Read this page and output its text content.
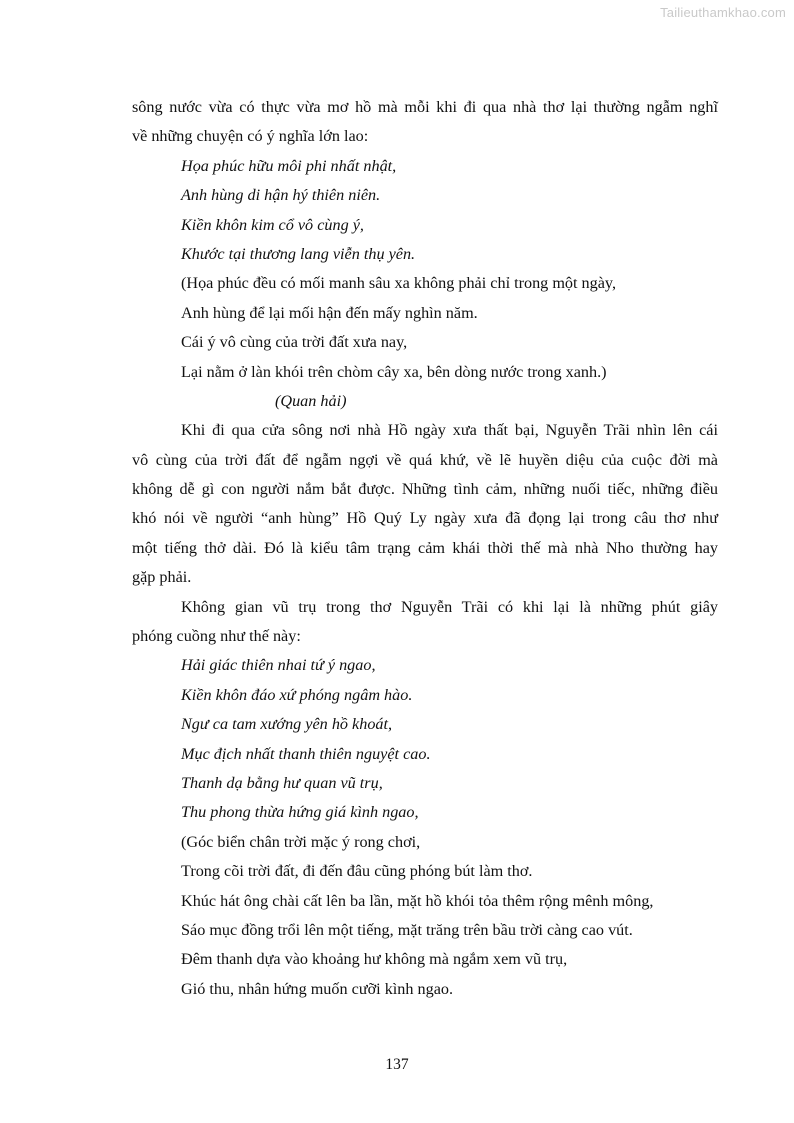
Tailieuthamkhao.com
sông nước vừa có thực vừa mơ hồ mà mỗi khi đi qua nhà thơ lại thường ngẫm nghĩ
về những chuyện có ý nghĩa lớn lao:
Họa phúc hữu môi phi nhất nhật,
Anh hùng di hận hý thiên niên.
Kiền khôn kim cổ vô cùng ý,
Khước tại thương lang viễn thụ yên.
(Họa phúc đều có mối manh sâu xa không phải chỉ trong một ngày,
Anh hùng để lại mối hận đến mấy nghìn năm.
Cái ý vô cùng của trời đất xưa nay,
Lại nằm ở làn khói trên chòm cây xa, bên dòng nước trong xanh.)
(Quan hải)
Khi đi qua cửa sông nơi nhà Hồ ngày xưa thất bại, Nguyễn Trãi nhìn lên cái
vô cùng của trời đất để ngẫm ngợi về quá khứ, về lẽ huyền diệu của cuộc đời mà
không dễ gì con người nắm bắt được. Những tình cảm, những nuối tiếc, những điều
khó nói về người “anh hùng” Hồ Quý Ly ngày xưa đã đọng lại trong câu thơ như
một tiếng thở dài. Đó là kiểu tâm trạng cảm khái thời thế mà nhà Nho thường hay
gặp phải.
Không gian vũ trụ trong thơ Nguyễn Trãi có khi lại là những phút giây
phóng cuồng như thế này:
Hải giác thiên nhai tứ ý ngao,
Kiền khôn đáo xứ phóng ngâm hào.
Ngư ca tam xướng yên hồ khoát,
Mục địch nhất thanh thiên nguyệt cao.
Thanh dạ bằng hư quan vũ trụ,
Thu phong thừa hứng giá kình ngao,
(Góc biển chân trời mặc ý rong chơi,
Trong cõi trời đất, đi đến đâu cũng phóng bút làm thơ.
Khúc hát ông chài cất lên ba lần, mặt hồ khói tỏa thêm rộng mênh mông,
Sáo mục đồng trổi lên một tiếng, mặt trăng trên bầu trời càng cao vút.
Đêm thanh dựa vào khoảng hư không mà ngắm xem vũ trụ,
Gió thu, nhân hứng muốn cưỡi kình ngao.
137
